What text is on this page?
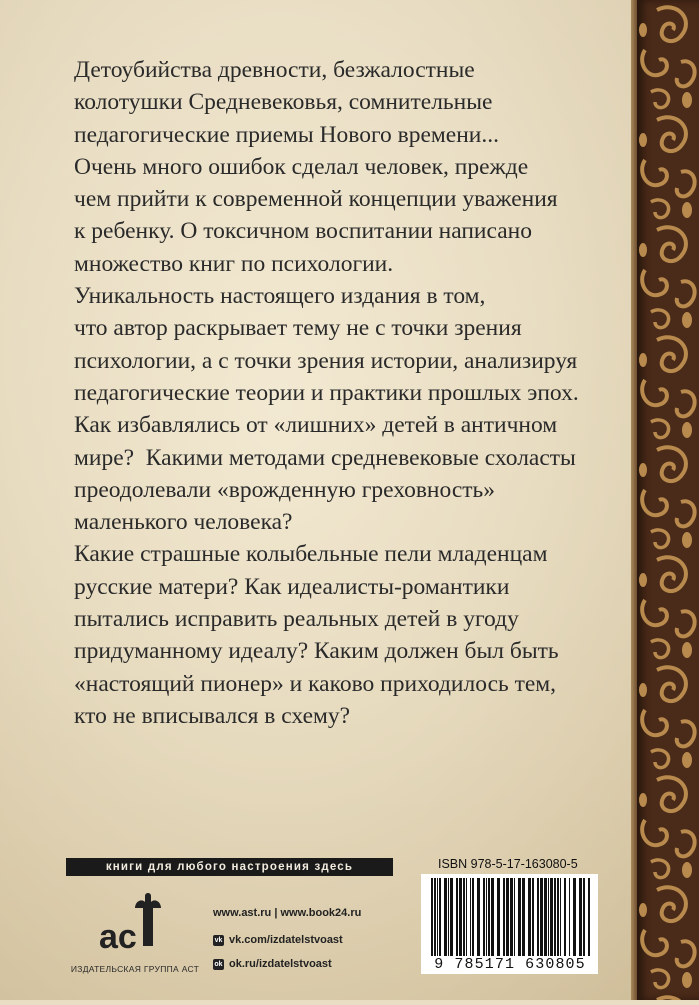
Детоубийства древности, безжалостные

колотушки Средневековья, сомнительные

педагогические приемы Нового времени...

Очень много ошибок сделал человек, прежде

чем прийти к современной концепции уважения

к ребенку. О токсичном воспитании написано

множество книг по психологии.

Уникальность настоящего издания в том,

что автор раскрывает тему не с точки зрения

психологии, а с точки зрения истории, анализируя

педагогические теории и практики прошлых эпох.

Как избавлялись от «лишних» детей в античном

мире?  Какими методами средневековые схоласты

преодолевали «врожденную греховность»

маленького человека?

Какие страшные колыбельные пели младенцам

русские матери? Как идеалисты-романтики

пытались исправить реальных детей в угоду

придуманному идеалу? Каким должен был быть

«настоящий пионер» и каково приходилось тем,

кто не вписывался в схему?

книги для любого настроения здесь
ac
ИЗДАТЕЛЬСКАЯ ГРУППА АСТ
www.ast.ru | www.book24.ru
vk vk.com/izdatelstvoast
ok ok.ru/izdatelstvoast
ISBN 978-5-17-163080-5
9 785171 630805
